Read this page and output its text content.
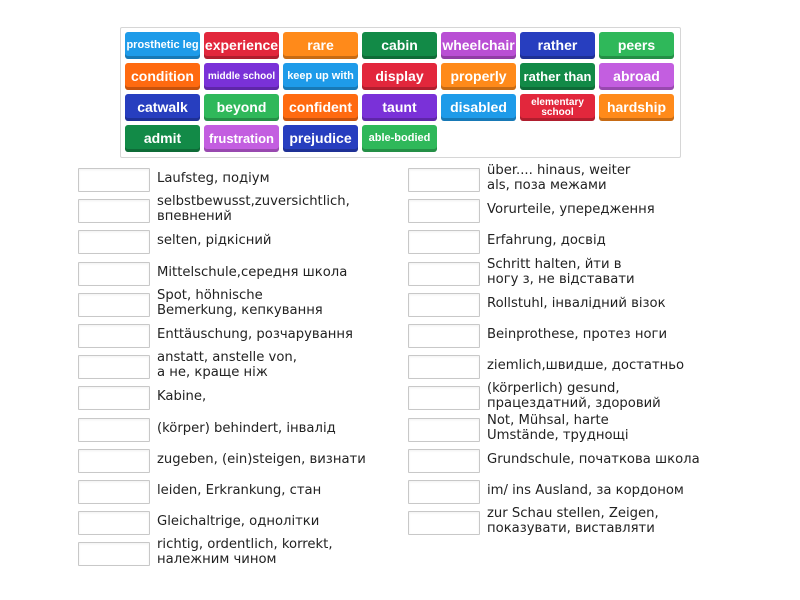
prosthetic leg experience	rare	cabin	wheelchair	rather	peers
condition	middle school	keep up with	display	properly	rather than	abroad
catwalk	beyond	confident	taunt	disabled	elementary school	hardship
admit	frustration	prejudice	able-bodied
Laufsteg, подіум
selbstbewusst,zuversichtlich,
впевнений
selten, рідкісний
Mittelschule,середня школа
Spot, höhnische
Bemerkung, кепкування
Enttäuschung, розчарування
anstatt, anstelle von,
а не, краще ніж
Kabine,
(körper) behindert, інвалід
zugeben, (ein)steigen, визнати
leiden, Erkrankung, стан
Gleichaltrige, однолітки
richtig, ordentlich, korrekt,
належним чином
über.... hinaus, weiter
als, поза межами
Vorurteile, упередження
Erfahrung, досвід
Schritt halten, йти в
ногу з, не відставати
Rollstuhl, інвалідний візок
Beinprothese, протез ноги
ziemlich,швидше, достатньо
(körperlich) gesund,
працездатний, здоровий
Not, Mühsal, harte
Umstände, труднощі
Grundschule, початкова школа
im/ ins Ausland, за кордоном
zur Schau stellen, Zeigen,
показувати, виставляти
